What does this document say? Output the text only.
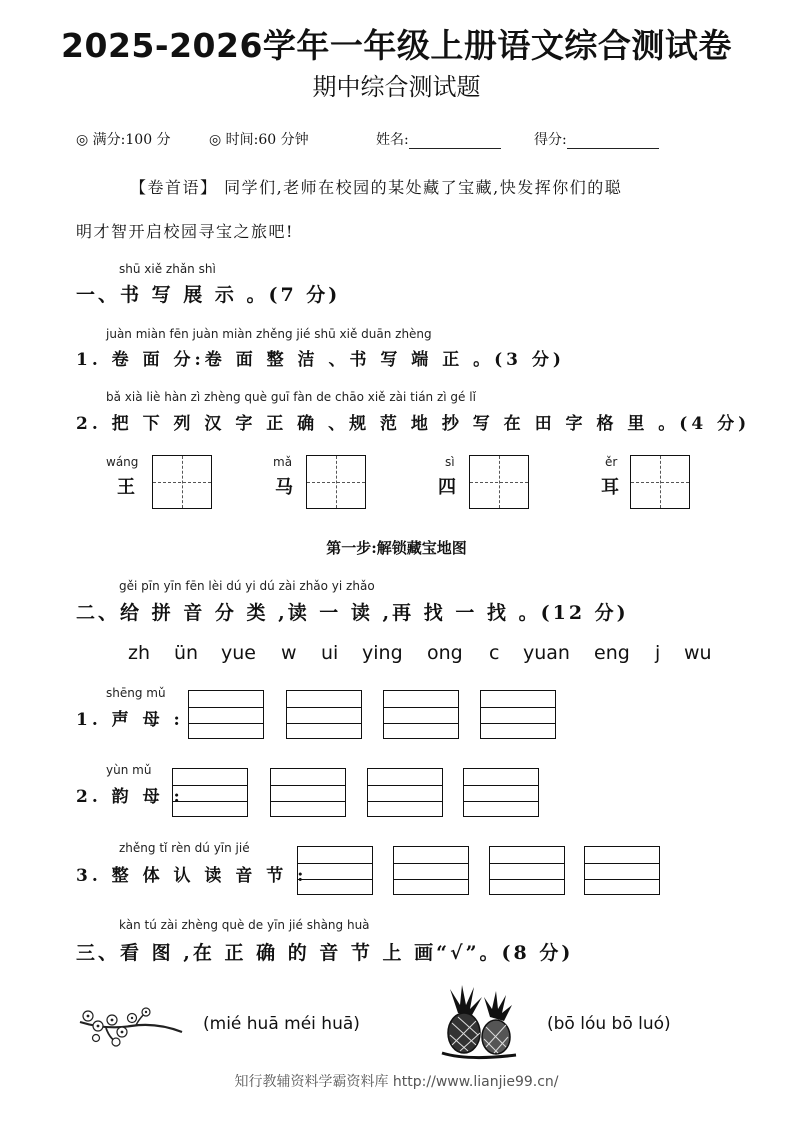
2025-2026学年一年级上册语文综合测试卷
期中综合测试题
◎ 满分:100 分	◎ 时间:60 分钟	姓名:	得分:
【卷首语】 同学们,老师在校园的某处藏了宝藏,快发挥你们的聪
明才智开启校园寻宝之旅吧!
shū xiě zhǎn shì
一、书 写 展 示 。(7 分)
juàn miàn fēn juàn miàn zhěng jié shū xiě duān zhèng
1. 卷 面 分:卷 面 整 洁 、书 写 端 正 。(3 分)
bǎ xià liè hàn zì zhèng què guī fàn de chāo xiě zài tián zì gé lǐ
2. 把 下 列 汉 字 正 确 、规 范 地 抄 写 在 田 字 格 里 。(4 分)
wáng
王
mǎ
马
sì
四
ěr
耳
第一步:解锁藏宝地图
gěi pīn yīn fēn lèi dú yi dú zài zhǎo yi zhǎo
二、给 拼 音 分 类 ,读 一 读 ,再 找 一 找 。(12 分)
zh ün yue w ui ying ong c yuan eng j wu
shēng mǔ
1. 声 母 :
yùn mǔ
2. 韵 母 :
zhěng tǐ rèn dú yīn jié
3. 整 体 认 读 音 节 :
kàn tú zài zhèng què de yīn jié shàng huà
三、看 图 ,在 正 确 的 音 节 上 画“√”。(8 分)
(mié huā méi huā)	(bō lóu bō luó)
知行教辅资料学霸资料库 http://www.lianjie99.cn/
